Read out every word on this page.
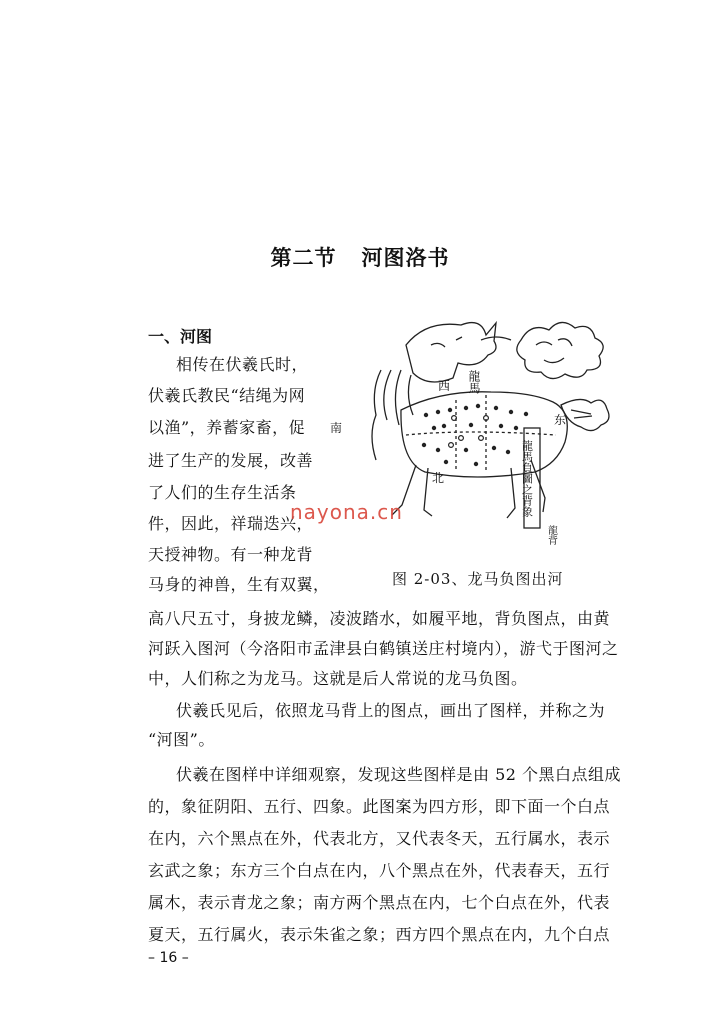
第二节   河图洛书
一、河图
相传在伏羲氏时，
伏羲氏教民“结绳为网
以渔”，养蓄家畜，促
进了生产的发展，改善
了人们的生存生活条
件，因此，祥瑞迭兴，
天授神物。有一种龙背
马身的神兽，生有双翼，
龍馬
西
东
南
北	龍馬負圖之背象
龍背
图 2-03、龙马负图出河
高八尺五寸，身披龙鳞，凌波踏水，如履平地，背负图点，由黄
河跃入图河（今洛阳市孟津县白鹤镇送庄村境内），游弋于图河之
中，人们称之为龙马。这就是后人常说的龙马负图。
伏羲氏见后，依照龙马背上的图点，画出了图样，并称之为
“河图”。
伏羲在图样中详细观察，发现这些图样是由 52 个黑白点组成
的，象征阴阳、五行、四象。此图案为四方形，即下面一个白点
在内，六个黑点在外，代表北方，又代表冬天，五行属水，表示
玄武之象；东方三个白点在内，八个黑点在外，代表春天，五行
属木，表示青龙之象；南方两个黑点在内，七个白点在外，代表
夏天，五行属火，表示朱雀之象；西方四个黑点在内，九个白点
nayona.cn
– 16 –
